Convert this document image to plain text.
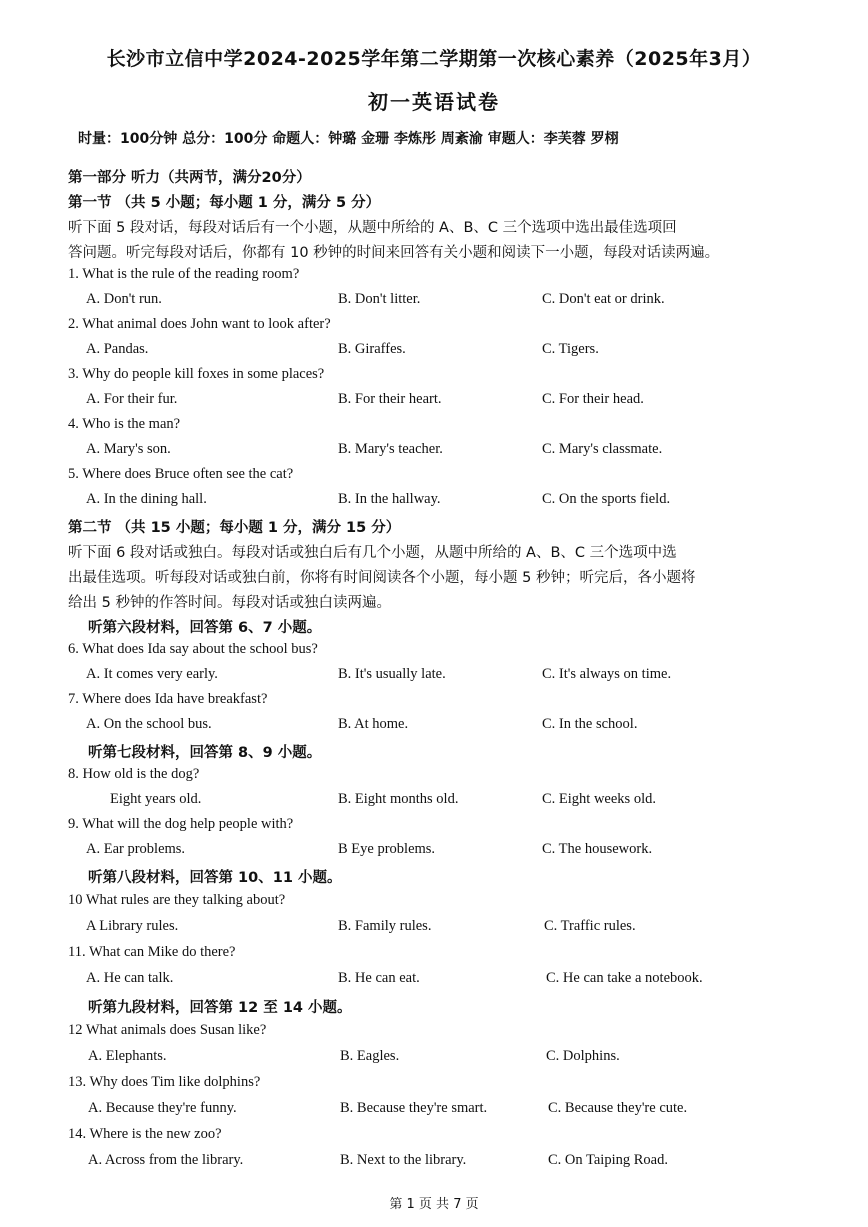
长沙市立信中学2024-2025学年第二学期第一次核心素养（2025年3月）
初一英语试卷
时量：100分钟 总分：100分 命题人：钟璐 金珊 李炼彤 周紊渝 审题人：李芙蓉 罗栩
第一部分 听力（共两节，满分20分）
第一节 （共 5 小题；每小题 1 分，满分 5 分）
听下面 5 段对话，每段对话后有一个小题，从题中所给的 A、B、C 三个选项中选出最佳选项回
答问题。听完每段对话后，你都有 10 秒钟的时间来回答有关小题和阅读下一小题，每段对话读两遍。
1. What is the rule of the reading room?
A. Don't run.	B. Don't litter.	C. Don't eat or drink.
2. What animal does John want to look after?
A. Pandas.	B. Giraffes.	C. Tigers.
3. Why do people kill foxes in some places?
A. For their fur.	B. For their heart.	C. For their head.
4. Who is the man?
A. Mary's son.	B. Mary's teacher.	C. Mary's classmate.
5. Where does Bruce often see the cat?
A. In the dining hall.	B. In the hallway.	C. On the sports field.
第二节 （共 15 小题；每小题 1 分，满分 15 分）
听下面 6 段对话或独白。每段对话或独白后有几个小题，从题中所给的 A、B、C 三个选项中选
出最佳选项。听每段对话或独白前，你将有时间阅读各个小题，每小题 5 秒钟；听完后，各小题将
给出 5 秒钟的作答时间。每段对话或独白读两遍。
听第六段材料，回答第 6、7 小题。
6. What does Ida say about the school bus?
A. It comes very early.	B. It's usually late.	C. It's always on time.
7. Where does Ida have breakfast?
A. On the school bus.	B. At home.	C. In the school.
听第七段材料，回答第 8、9 小题。
8. How old is the dog?
Eight years old.	B. Eight months old.	C. Eight weeks old.
9. What will the dog help people with?
A. Ear problems.	B Eye problems.	C. The housework.
听第八段材料，回答第 10、11 小题。
10 What rules are they talking about?
A Library rules.	B. Family rules.	C. Traffic rules.
11. What can Mike do there?
A. He can talk.	B. He can eat.	C. He can take a notebook.
听第九段材料，回答第 12 至 14 小题。
12 What animals does Susan like?
A. Elephants.	B. Eagles.	C. Dolphins.
13. Why does Tim like dolphins?
A. Because they're funny.	B. Because they're smart.	C. Because they're cute.
14. Where is the new zoo?
A. Across from the library.	B. Next to the library.	C. On Taiping Road.
第 1 页 共 7 页
